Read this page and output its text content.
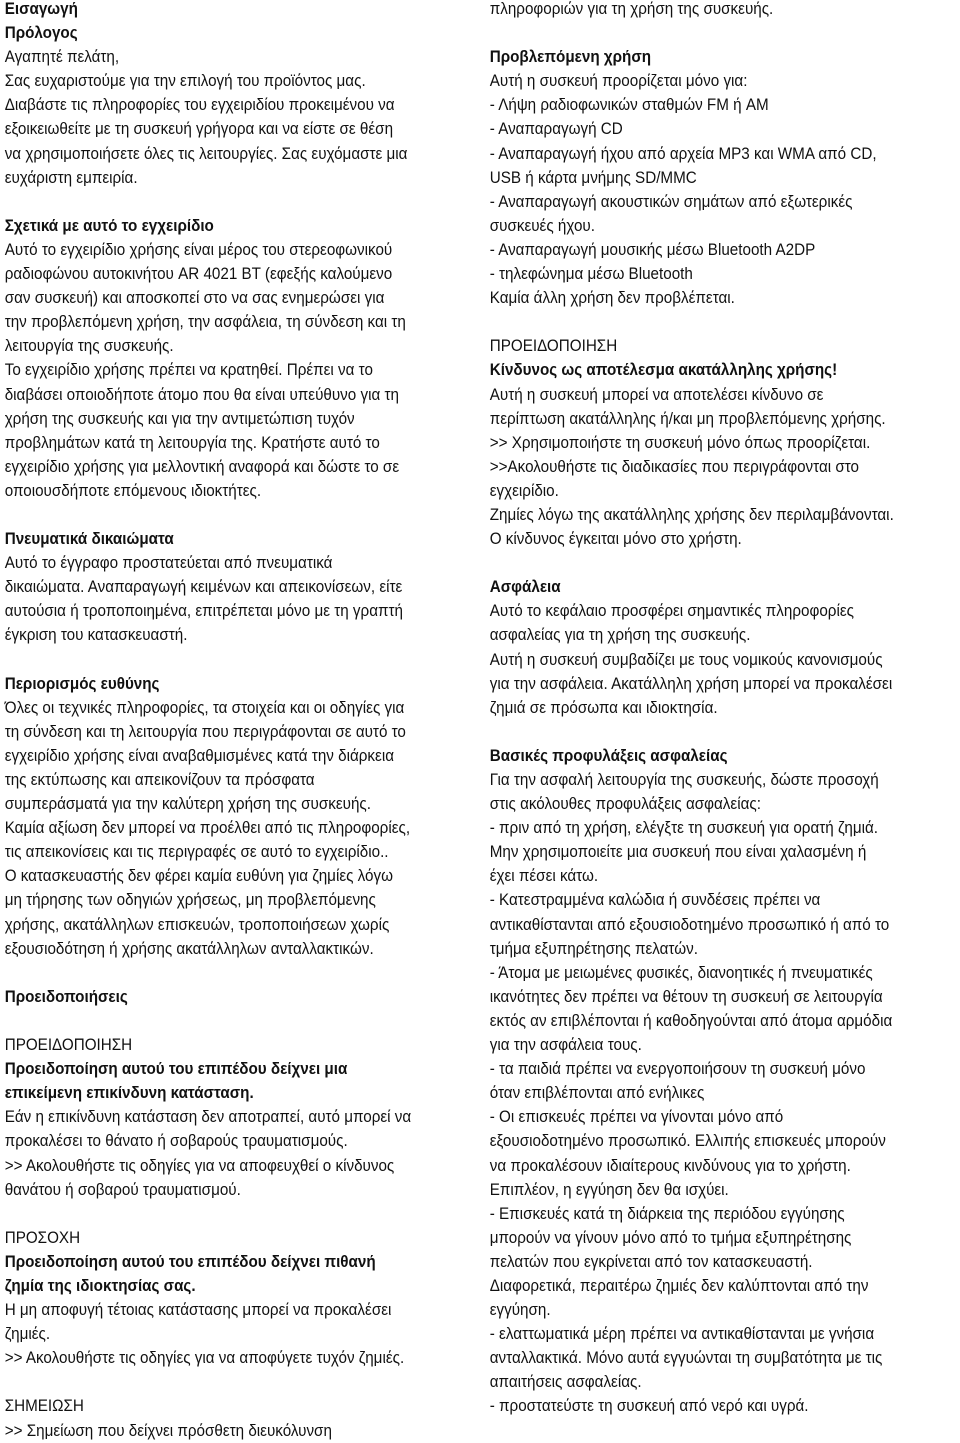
Εισαγωγή
Πρόλογος
Αγαπητέ πελάτη,
Σας ευχαριστούμε για την επιλογή του προϊόντος μας.
Διαβάστε τις πληροφορίες του εγχειριδίου προκειμένου να
εξοικειωθείτε με τη συσκευή γρήγορα και να είστε σε θέση
να χρησιμοποιήσετε όλες τις λειτουργίες. Σας ευχόμαστε μια
ευχάριστη εμπειρία.
Σχετικά με αυτό το εγχειρίδιο
Αυτό το εγχειρίδιο χρήσης είναι μέρος του στερεοφωνικού
ραδιοφώνου αυτοκινήτου AR 4021 BT (εφεξής καλούμενο
σαν συσκευή) και αποσκοπεί στο να σας ενημερώσει για
την προβλεπόμενη χρήση, την ασφάλεια, τη σύνδεση και τη
λειτουργία της συσκευής.
Το εγχειρίδιο χρήσης πρέπει να κρατηθεί. Πρέπει να το
διαβάσει οποιοδήποτε άτομο που θα είναι υπεύθυνο για τη
χρήση της συσκευής και για την αντιμετώπιση τυχόν
προβλημάτων κατά τη λειτουργία της. Κρατήστε αυτό το
εγχειρίδιο χρήσης για μελλοντική αναφορά και δώστε το σε
οποιουσδήποτε επόμενους ιδιοκτήτες.
Πνευματικά δικαιώματα
Αυτό το έγγραφο προστατεύεται από πνευματικά
δικαιώματα. Αναπαραγωγή κειμένων και απεικονίσεων, είτε
αυτούσια ή τροποποιημένα, επιτρέπεται μόνο με τη γραπτή
έγκριση του κατασκευαστή.
Περιορισμός ευθύνης
Όλες οι τεχνικές πληροφορίες, τα στοιχεία και οι οδηγίες για
τη σύνδεση και τη λειτουργία που περιγράφονται σε αυτό το
εγχειρίδιο χρήσης είναι αναβαθμισμένες κατά την διάρκεια
της εκτύπωσης και απεικονίζουν τα πρόσφατα
συμπεράσματά για την καλύτερη χρήση της συσκευής.
Καμία αξίωση δεν μπορεί να προέλθει από τις πληροφορίες,
τις απεικονίσεις και τις περιγραφές σε αυτό το εγχειρίδιο..
Ο κατασκευαστής δεν φέρει καμία ευθύνη για ζημίες λόγω
μη τήρησης των οδηγιών χρήσεως, μη προβλεπόμενης
χρήσης, ακατάλληλων επισκευών, τροποποιήσεων χωρίς
εξουσιοδότηση ή χρήσης ακατάλληλων ανταλλακτικών.
Προειδοποιήσεις
ΠΡΟΕΙΔΟΠΟΙΗΣΗ
Προειδοποίηση αυτού του επιπέδου δείχνει μια
επικείμενη επικίνδυνη κατάσταση.
Εάν η επικίνδυνη κατάσταση δεν αποτραπεί, αυτό μπορεί να
προκαλέσει το θάνατο ή σοβαρούς τραυματισμούς.
>> Ακολουθήστε τις οδηγίες για να αποφευχθεί ο κίνδυνος
θανάτου ή σοβαρού τραυματισμού.
ΠΡΟΣΟΧΗ
Προειδοποίηση αυτού του επιπέδου δείχνει πιθανή
ζημία της ιδιοκτησίας σας.
Η μη αποφυγή τέτοιας κατάστασης μπορεί να προκαλέσει
ζημιές.
>> Ακολουθήστε τις οδηγίες για να αποφύγετε τυχόν ζημιές.
ΣΗΜΕΙΩΣΗ
>> Σημείωση που δείχνει πρόσθετη διευκόλυνση
πληροφοριών για τη χρήση της συσκευής.
Προβλεπόμενη χρήση
Αυτή η συσκευή προορίζεται μόνο για:
- Λήψη ραδιοφωνικών σταθμών FM ή AM
- Αναπαραγωγή CD
- Αναπαραγωγή ήχου από αρχεία MP3 και WMA από CD,
USB ή κάρτα μνήμης SD/MMC
- Αναπαραγωγή ακουστικών σημάτων από εξωτερικές
συσκευές ήχου.
- Αναπαραγωγή μουσικής μέσω Bluetooth A2DP
- τηλεφώνημα μέσω Bluetooth
Καμία άλλη χρήση δεν προβλέπεται.
ΠΡΟΕΙΔΟΠΟΙΗΣΗ
Κίνδυνος ως αποτέλεσμα ακατάλληλης χρήσης!
Αυτή η συσκευή μπορεί να αποτελέσει κίνδυνο σε
περίπτωση ακατάλληλης ή/και μη προβλεπόμενης χρήσης.
>> Χρησιμοποιήστε τη συσκευή μόνο όπως προορίζεται.
>>Ακολουθήστε τις διαδικασίες που περιγράφονται στο
εγχειρίδιο.
Ζημίες λόγω της ακατάλληλης χρήσης δεν περιλαμβάνονται.
Ο κίνδυνος έγκειται μόνο στο χρήστη.
Ασφάλεια
Αυτό το κεφάλαιο προσφέρει σημαντικές πληροφορίες
ασφαλείας για τη χρήση της συσκευής.
Αυτή η συσκευή συμβαδίζει με τους νομικούς κανονισμούς
για την ασφάλεια. Ακατάλληλη χρήση μπορεί να προκαλέσει
ζημιά σε πρόσωπα και ιδιοκτησία.
Βασικές προφυλάξεις ασφαλείας
Για την ασφαλή λειτουργία της συσκευής, δώστε προσοχή
στις ακόλουθες προφυλάξεις ασφαλείας:
- πριν από τη χρήση, ελέγξτε τη συσκευή για ορατή ζημιά.
Μην χρησιμοποιείτε μια συσκευή που είναι χαλασμένη ή
έχει πέσει κάτω.
- Κατεστραμμένα καλώδια ή συνδέσεις πρέπει να
αντικαθίστανται από εξουσιοδοτημένο προσωπικό ή από το
τμήμα εξυπηρέτησης πελατών.
- Άτομα με μειωμένες φυσικές, διανοητικές ή πνευματικές
ικανότητες δεν πρέπει να θέτουν τη συσκευή σε λειτουργία
εκτός αν επιβλέπονται ή καθοδηγούνται από άτομα αρμόδια
για την ασφάλεια τους.
- τα παιδιά πρέπει να ενεργοποιήσουν τη συσκευή μόνο
όταν επιβλέπονται από ενήλικες
- Οι επισκευές πρέπει να γίνονται μόνο από
εξουσιοδοτημένο προσωπικό. Ελλιπής επισκευές μπορούν
να προκαλέσουν ιδιαίτερους κινδύνους για το χρήστη.
Επιπλέον, η εγγύηση δεν θα ισχύει.
- Επισκευές κατά τη διάρκεια της περιόδου εγγύησης
μπορούν να γίνουν μόνο από το τμήμα εξυπηρέτησης
πελατών που εγκρίνεται από τον κατασκευαστή.
Διαφορετικά, περαιτέρω ζημιές δεν καλύπτονται από την
εγγύηση.
- ελαττωματικά μέρη πρέπει να αντικαθίστανται με γνήσια
ανταλλακτικά. Μόνο αυτά εγγυώνται τη συμβατότητα με τις
απαιτήσεις ασφαλείας.
- προστατεύστε τη συσκευή από νερό και υγρά.
